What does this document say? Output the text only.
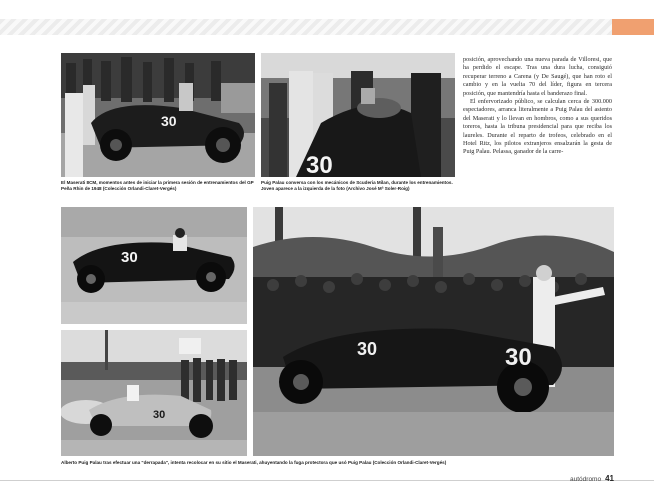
30
30
El Maserati 8CM, momentos antes de iniciar la primera sesión de entrenamientos del GP Peña Rhin de 1948 (Colección Orlandi-Claret-Vergés)
Puig Palau conversa con los mecánicos de Scuderia Milan, durante los entrenamientos. Joven aparece a la izquierda de la foto (Archivo José Mª Soler-Roig)

posición, aprovechando una nueva parada de Villoresi, que ha perdido el escape. Tras una dura lucha, consiguió recuperar terreno a Carena (y De Saugé), que han roto el cambio y en la vuelta 70 del líder, figura en tercera posición, que mantendría hasta el banderazo final.

El enfervorizado público, se calculan cerca de 300.000 espectadores, arranca literalmente a Puig Palau del asiento del Maserati y lo llevan en hombros, como a sus queridos toreros, hasta la tribuna presidencial para que reciba los laureles. Durante el reparto de trofeos, celebrado en el Hotel Ritz, los pilotos extranjeros ensalzarán la gesta de Puig Palau. Pelassa, ganador de la carre-

30
30
30	30
Alberto Puig Palau tras efectuar una "derrapada", intenta recolocar en su sitio el Maserati, ahuyentando la fuga protectora que usó Puig Palau (Colección Orlandi-Claret-Vergés)
autódromo 41
